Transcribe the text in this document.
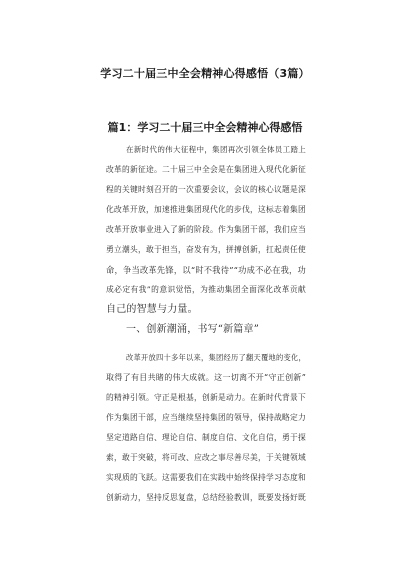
学习二十届三中全会精神心得感悟（3篇）
篇1：学习二十届三中全会精神心得感悟
在新时代的伟大征程中，集团再次引领全体员工踏上
改革的新征途。二十届三中全会是在集团进入现代化新征
程的关键时刻召开的一次重要会议，会议的核心议题是深
化改革开放，加速推进集团现代化的步伐，这标志着集团
改革开放事业进入了新的阶段。作为集团干部，我们应当
勇立潮头，敢于担当，奋发有为，拼搏创新，扛起责任使
命，争当改革先锋，以“时不我待”“功成不必在我，功
成必定有我”的意识觉悟，为推动集团全面深化改革贡献
自己的智慧与力量。
一、创新潮涌，书写“新篇章”
改革开放四十多年以来，集团经历了翻天覆地的变化，
取得了有目共睹的伟大成就。这一切离不开“守正创新”
的精神引领。守正是根基，创新是动力。在新时代背景下
作为集团干部，应当继续坚持集团的领导，保持战略定力
坚定道路自信、理论自信、制度自信、文化自信，勇于探
索，敢于突破，将可改、应改之事尽善尽美，于关键领域
实现质的飞跃。这需要我们在实践中始终保持学习态度和
创新动力，坚持反思复盘，总结经验教训，既要发扬好既
